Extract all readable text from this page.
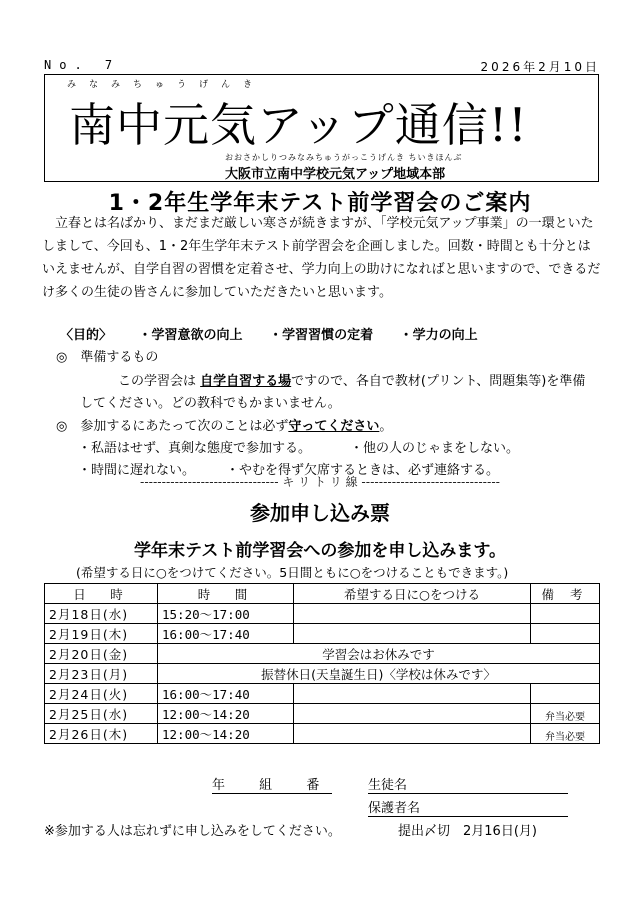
No. 7	2026年2月10日
みなみちゅうげんき
南中元気アップ通信!!
おおさかしりつみなみちゅうがっこうげんき ちいきほんぶ
大阪市立南中学校元気アップ地域本部
1・2年生学年末テスト前学習会のご案内

立春とは名ばかり、まだまだ厳しい寒さが続きますが、「学校元気アップ事業」の一環といたしまして、今回も、1・2年生学年末テスト前学習会を企画しました。回数・時間とも十分とはいえませんが、自学自習の習慣を定着させ、学力向上の助けになればと思いますので、できるだけ多くの生徒の皆さんに参加していただきたいと思います。

〈目的〉 ・学習意欲の向上 ・学習習慣の定着 ・学力の向上
◎　準備するもの
この学習会は 自学自習する場ですので、各自で教材(プリント、問題集等)を準備
してください。どの教科でもかまいません。
◎　参加するにあたって次のことは必ず守ってください。
・私語はせず、真剣な態度で参加する。	・他の人のじゃまをしない。
・時間に遅れない。 ・やむを得ず欠席するときは、必ず連絡する。
-------------------------------- キ リ ト リ 線 --------------------------------
参加申し込み票
学年末テスト前学習会への参加を申し込みます。
(希望する日に○をつけてください。5日間ともに○をつけることもできます。)
日　時	時　間	希望する日に○をつける	備 考
2月18日(水)	15:20〜17:00		
2月19日(木)	16:00〜17:40		
2月20日(金)	学習会はお休みです		
2月23日(月)	振替休日(天皇誕生日)〈学校は休みです〉		
2月24日(火)	16:00〜17:40		
2月25日(水)	12:00〜14:20		弁当必要
2月26日(木)	12:00〜14:20		弁当必要
年	組	番	生徒名
保護者名
※参加する人は忘れずに申し込みをしてください。	提出〆切　2月16日(月)
